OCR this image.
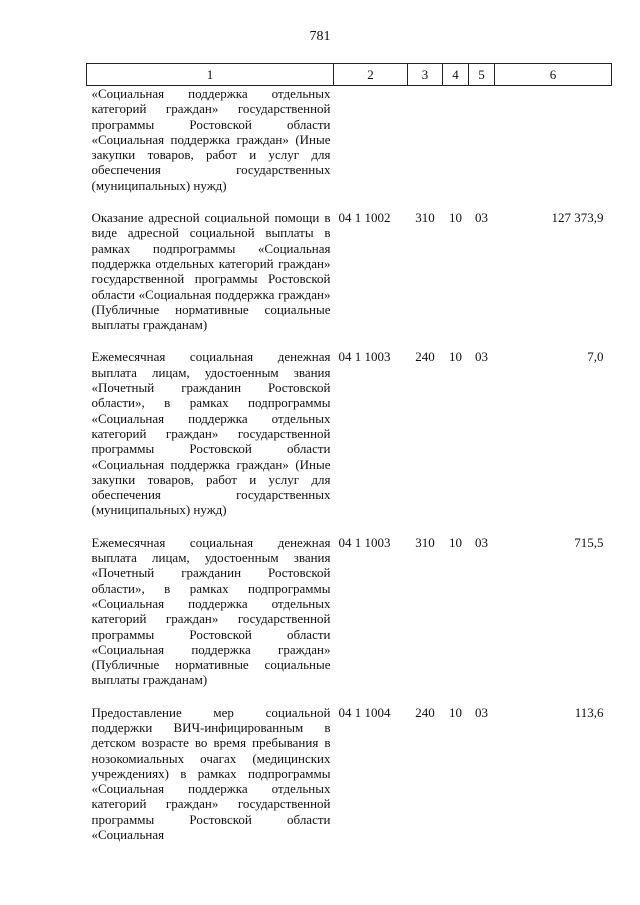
781
1	2	3	4	5	6
«Социальная поддержка отдельных категорий граждан» государственной программы Ростовской области «Социальная поддержка граждан» (Иные закупки товаров, работ и услуг для обеспечения государственных (муниципальных) нужд)					
Оказание адресной социальной помощи в виде адресной социальной выплаты в рамках подпрограммы «Социальная поддержка отдельных категорий граждан» государственной программы Ростовской области «Социальная поддержка граждан» (Публичные нормативные социальные выплаты гражданам)	04 1 1002	310	10	03	127 373,9
Ежемесячная социальная денежная выплата лицам, удостоенным звания «Почетный гражданин Ростовской области», в рамках подпрограммы «Социальная поддержка отдельных категорий граждан» государственной программы Ростовской области «Социальная поддержка граждан» (Иные закупки товаров, работ и услуг для обеспечения государственных (муниципальных) нужд)	04 1 1003	240	10	03	7,0
Ежемесячная социальная денежная выплата лицам, удостоенным звания «Почетный гражданин Ростовской области», в рамках подпрограммы «Социальная поддержка отдельных категорий граждан» государственной программы Ростовской области «Социальная поддержка граждан» (Публичные нормативные социальные выплаты гражданам)	04 1 1003	310	10	03	715,5
Предоставление мер социальной поддержки ВИЧ-инфицированным в детском возрасте во время пребывания в нозокомиальных очагах (медицинских учреждениях) в рамках подпрограммы «Социальная поддержка отдельных категорий граждан» государственной программы Ростовской области «Социальная	04 1 1004	240	10	03	113,6
